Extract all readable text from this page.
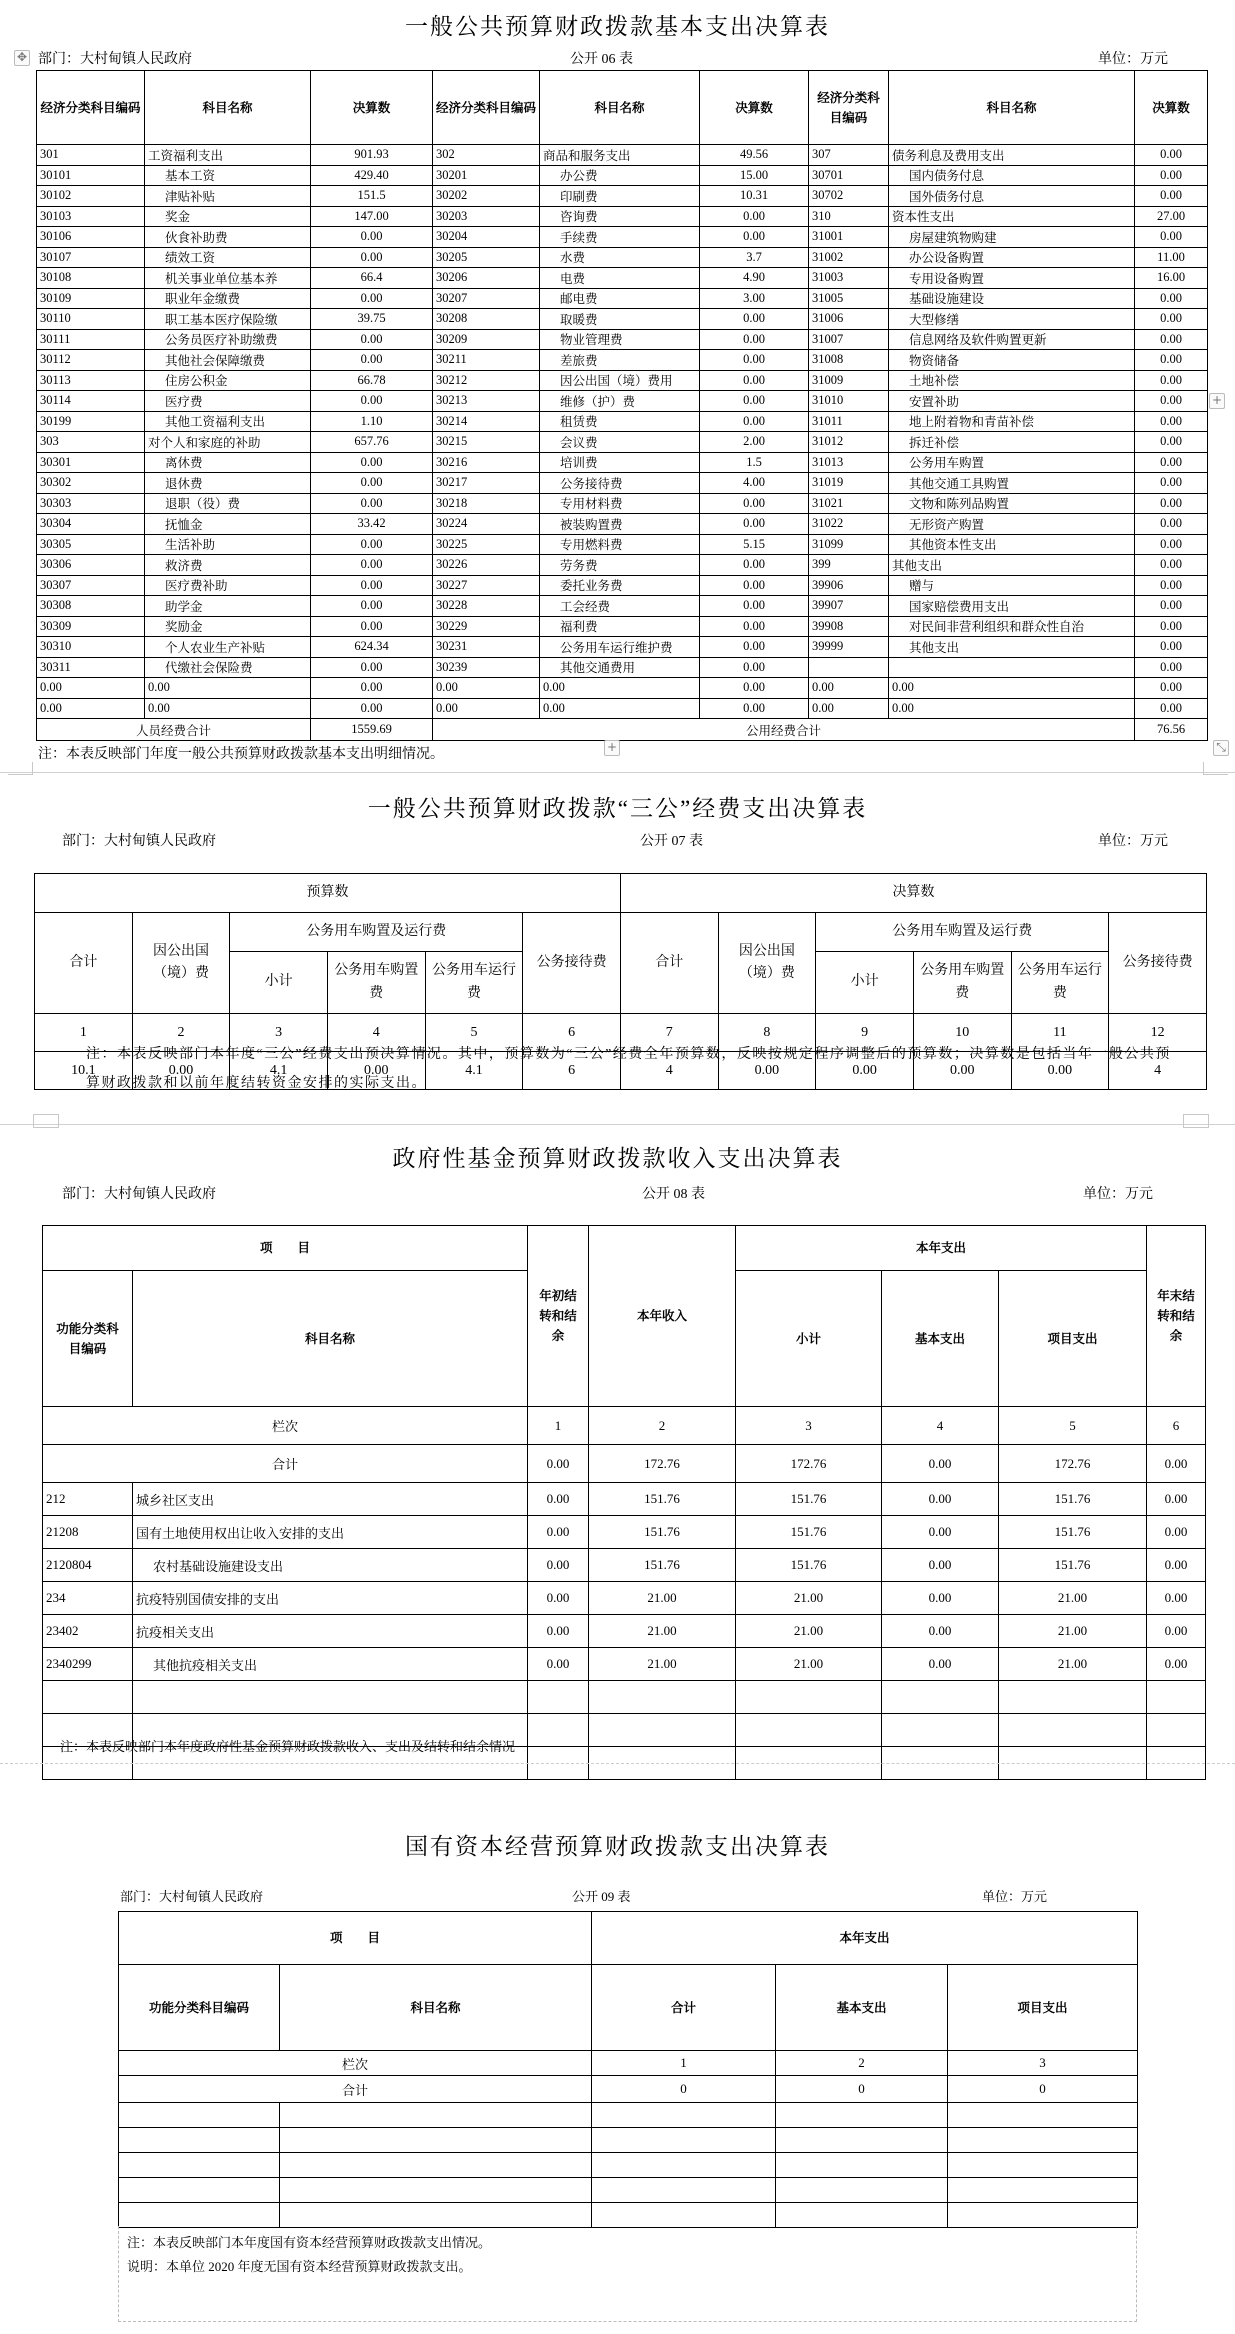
一般公共预算财政拨款基本支出决算表
✥ 部门：大村甸镇人民政府	公开 06 表	单位：万元
经济分类科目编码	科目名称	决算数	经济分类科目编码	科目名称	决算数	经济分类科目编码	科目名称	决算数
301	工资福利支出	901.93	302	商品和服务支出	49.56	307	债务利息及费用支出	0.00
30101	基本工资	429.40	30201	办公费	15.00	30701	国内债务付息	0.00
30102	津贴补贴	151.5	30202	印刷费	10.31	30702	国外债务付息	0.00
30103	奖金	147.00	30203	咨询费	0.00	310	资本性支出	27.00
30106	伙食补助费	0.00	30204	手续费	0.00	31001	房屋建筑物购建	0.00
30107	绩效工资	0.00	30205	水费	3.7	31002	办公设备购置	11.00
30108	机关事业单位基本养	66.4	30206	电费	4.90	31003	专用设备购置	16.00
30109	职业年金缴费	0.00	30207	邮电费	3.00	31005	基础设施建设	0.00
30110	职工基本医疗保险缴	39.75	30208	取暖费	0.00	31006	大型修缮	0.00
30111	公务员医疗补助缴费	0.00	30209	物业管理费	0.00	31007	信息网络及软件购置更新	0.00
30112	其他社会保障缴费	0.00	30211	差旅费	0.00	31008	物资储备	0.00
30113	住房公积金	66.78	30212	因公出国（境）费用	0.00	31009	土地补偿	0.00
30114	医疗费	0.00	30213	维修（护）费	0.00	31010	安置补助	0.00
30199	其他工资福利支出	1.10	30214	租赁费	0.00	31011	地上附着物和青苗补偿	0.00
303	对个人和家庭的补助	657.76	30215	会议费	2.00	31012	拆迁补偿	0.00
30301	离休费	0.00	30216	培训费	1.5	31013	公务用车购置	0.00
30302	退休费	0.00	30217	公务接待费	4.00	31019	其他交通工具购置	0.00
30303	退职（役）费	0.00	30218	专用材料费	0.00	31021	文物和陈列品购置	0.00
30304	抚恤金	33.42	30224	被装购置费	0.00	31022	无形资产购置	0.00
30305	生活补助	0.00	30225	专用燃料费	5.15	31099	其他资本性支出	0.00
30306	救济费	0.00	30226	劳务费	0.00	399	其他支出	0.00
30307	医疗费补助	0.00	30227	委托业务费	0.00	39906	赠与	0.00
30308	助学金	0.00	30228	工会经费	0.00	39907	国家赔偿费用支出	0.00
30309	奖励金	0.00	30229	福利费	0.00	39908	对民间非营利组织和群众性自治	0.00
30310	个人农业生产补贴	624.34	30231	公务用车运行维护费	0.00	39999	其他支出	0.00
30311	代缴社会保险费	0.00	30239	其他交通费用	0.00			0.00
0.00	0.00	0.00	0.00	0.00	0.00	0.00	0.00	0.00
0.00	0.00	0.00	0.00	0.00	0.00	0.00	0.00	0.00
人员经费合计		1559.69	公用经费合计					76.56
+
+	⤡
注：本表反映部门年度一般公共预算财政拨款基本支出明细情况。
一般公共预算财政拨款“三公”经费支出决算表
部门：大村甸镇人民政府	公开 07 表	单位：万元
预算数						决算数					
合计	因公出国（境）费	公务用车购置及运行费			公务接待费	合计	因公出国（境）费	公务用车购置及运行费			公务接待费
		小计	公务用车购置费	公务用车运行费				小计	公务用车购置费	公务用车运行费	
1	2	3	4	5	6	7	8	9	10	11	12
10.1	0.00	4.1	0.00	4.1	6	4	0.00	0.00	0.00	0.00	4
注：本表反映部门本年度“三公”经费支出预决算情况。其中，预算数为“三公”经费全年预算数，反映按规定程序调整后的预算数；决算数是包括当年一般公共预算财政拨款和以前年度结转资金安排的实际支出。
政府性基金预算财政拨款收入支出决算表
部门：大村甸镇人民政府	公开 08 表	单位：万元
项　　目		年初结转和结余	本年收入	本年支出			年末结转和结余
功能分类科目编码	科目名称			小计	基本支出	项目支出	
栏次		1	2	3	4	5	6
合计		0.00	172.76	172.76	0.00	172.76	0.00
212	城乡社区支出	0.00	151.76	151.76	0.00	151.76	0.00
21208	国有土地使用权出让收入安排的支出	0.00	151.76	151.76	0.00	151.76	0.00
2120804	农村基础设施建设支出	0.00	151.76	151.76	0.00	151.76	0.00
234	抗疫特别国债安排的支出	0.00	21.00	21.00	0.00	21.00	0.00
23402	抗疫相关支出	0.00	21.00	21.00	0.00	21.00	0.00
2340299	其他抗疫相关支出	0.00	21.00	21.00	0.00	21.00	0.00

注：本表反映部门本年度政府性基金预算财政拨款收入、支出及结转和结余情况
国有资本经营预算财政拨款支出决算表
部门：大村甸镇人民政府	公开 09 表	单位：万元
项　　目		本年支出		
功能分类科目编码	科目名称	合计	基本支出	项目支出
栏次		1	2	3
合计		0	0	0

注：本表反映部门本年度国有资本经营预算财政拨款支出情况。
说明：本单位 2020 年度无国有资本经营预算财政拨款支出。
